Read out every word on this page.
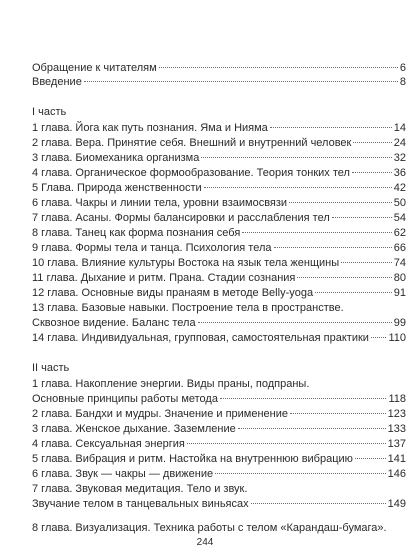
Обращение к читателям	6
Введение	8
I часть
1 глава. Йога как путь познания. Яма и Нияма	14
2 глава. Вера. Принятие себя. Внешний и внутренний человек	24
3 глава. Биомеханика организма	32
4 глава. Органическое формообразование. Теория тонких тел	36
5 Глава. Природа женственности	42
6 глава. Чакры и линии тела, уровни взаимосвязи	50
7 глава. Асаны. Формы балансировки и расслабления тел	54
8 глава. Танец как форма познания себя	62
9 глава. Формы тела и танца. Психология тела	66
10 глава. Влияние культуры Востока на язык тела женщины	74
11 глава. Дыхание и ритм. Прана. Стадии сознания	80
12 глава. Основные виды пранаям в методе Belly-yoga	91
13 глава. Базовые навыки. Построение тела в пространстве.
Сквозное видение. Баланс тела	99
14 глава. Индивидуальная, групповая, самостоятельная практики 110
II часть
1 глава. Накопление энергии. Виды праны, подпраны.
Основные принципы работы метода	118
2 глава. Бандхи и мудры. Значение и применение	123
3 глава. Женское дыхание. Заземление	133
4 глава. Сексуальная энергия	137
5 глава. Вибрация и ритм. Настойка на внутреннюю вибрацию	141
6 глава. Звук — чакры — движение	146
7 глава. Звуковая медитация. Тело и звук.
Звучание телом в танцевальных виньясах	149
8 глава. Визуализация. Техника работы с телом «Карандаш-бумага».
244
